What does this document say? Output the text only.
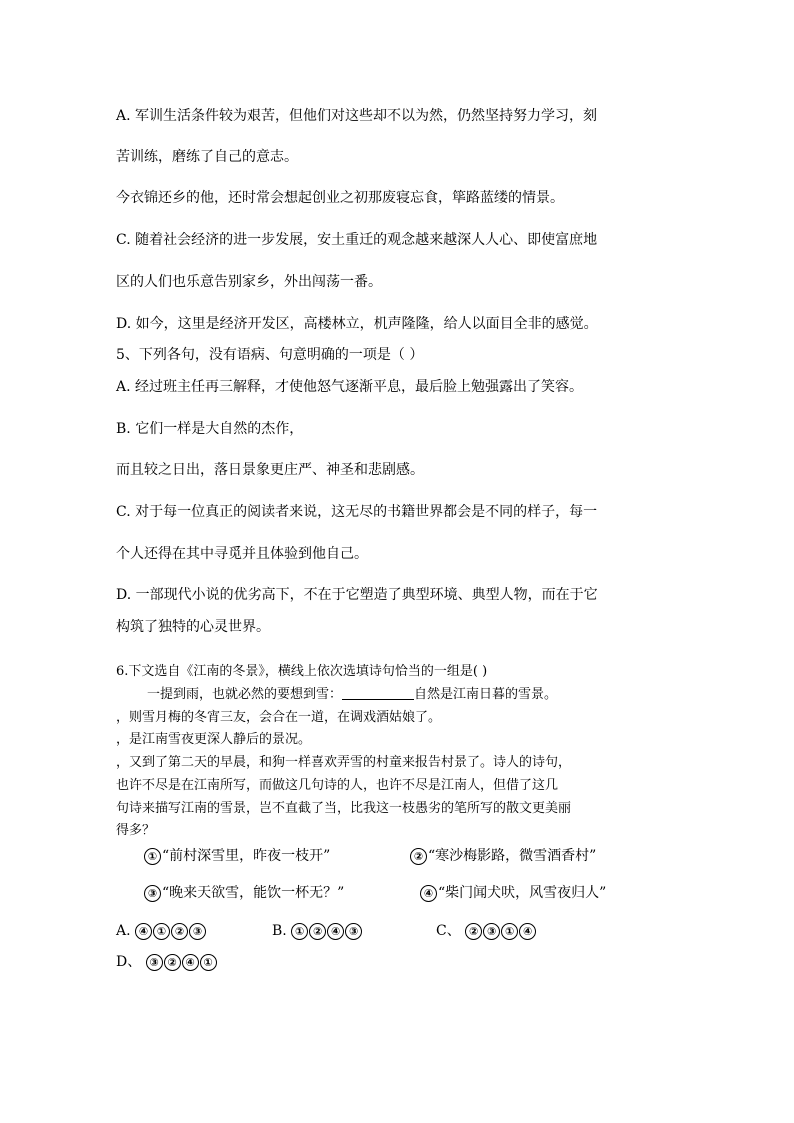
A. 军训生活条件较为艰苦，但他们对这些却不以为然，仍然坚持努力学习，刻
苦训练，磨练了自己的意志。
今衣锦还乡的他，还时常会想起创业之初那废寝忘食，筚路蓝缕的情景。
C. 随着社会经济的进一步发展，安土重迁的观念越来越深人人心、即使富庶地
区的人们也乐意告别家乡，外出闯荡一番。
D. 如今，这里是经济开发区，高楼林立，机声隆隆，给人以面目全非的感觉。
5、下列各句，没有语病、句意明确的一项是（ ）
A. 经过班主任再三解释，才使他怒气逐渐平息，最后脸上勉强露出了笑容。
B. 它们一样是大自然的杰作，
而且较之日出，落日景象更庄严、神圣和悲剧感。
C. 对于每一位真正的阅读者来说，这无尽的书籍世界都会是不同的样子，每一
个人还得在其中寻觅并且体验到他自己。
D. 一部现代小说的优劣高下，不在于它塑造了典型环境、典型人物，而在于它
构筑了独特的心灵世界。
6.下文选自《江南的冬景》，横线上依次选填诗句恰当的一组是( )
一提到雨，也就必然的要想到雪：	自然是江南日暮的雪景。
，则雪月梅的冬宵三友，会合在一道，在调戏酒姑娘了。
，是江南雪夜更深人静后的景况。
，又到了第二天的早晨，和狗一样喜欢弄雪的村童来报告村景了。诗人的诗句，
也许不尽是在江南所写，而做这几句诗的人，也许不尽是江南人，但借了这几
句诗来描写江南的雪景，岂不直截了当，比我这一枝愚劣的笔所写的散文更美丽
得多？
① “前村深雪里，昨夜一枝开”	② “寒沙梅影路，微雪酒香村”
③ “晚来天欲雪，能饮一杯无？”	④ “柴门闻犬吠，风雪夜归人”
A. ④ ① ② ③	B. ① ② ④ ③	C、 ② ③ ① ④
D、 ③ ② ④ ①
